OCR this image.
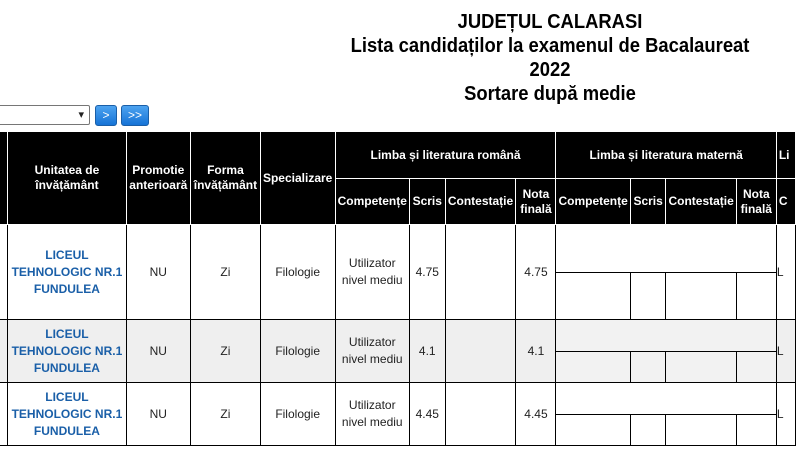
JUDEȚUL CALARASI
Lista candidaților la examenul de Bacalaureat 2022
Sortare după medie
▾	>	>>
	Unitatea de învățământ	Promotie anterioară	Forma învățământ	Specializare	Limba și literatura română				Limba și literatura maternă				Li
					Competențe	Scris	Contestație	Nota finală	Competențe	Scris	Contestație	Nota finală	C
	LICEUL TEHNOLOGIC NR.1 FUNDULEA	NU	Zi	Filologie	Utilizator nivel mediu	4.75		4.75					L

	LICEUL TEHNOLOGIC NR.1 FUNDULEA	NU	Zi	Filologie	Utilizator nivel mediu	4.1		4.1					L

	LICEUL TEHNOLOGIC NR.1 FUNDULEA	NU	Zi	Filologie	Utilizator nivel mediu	4.45		4.45					L
